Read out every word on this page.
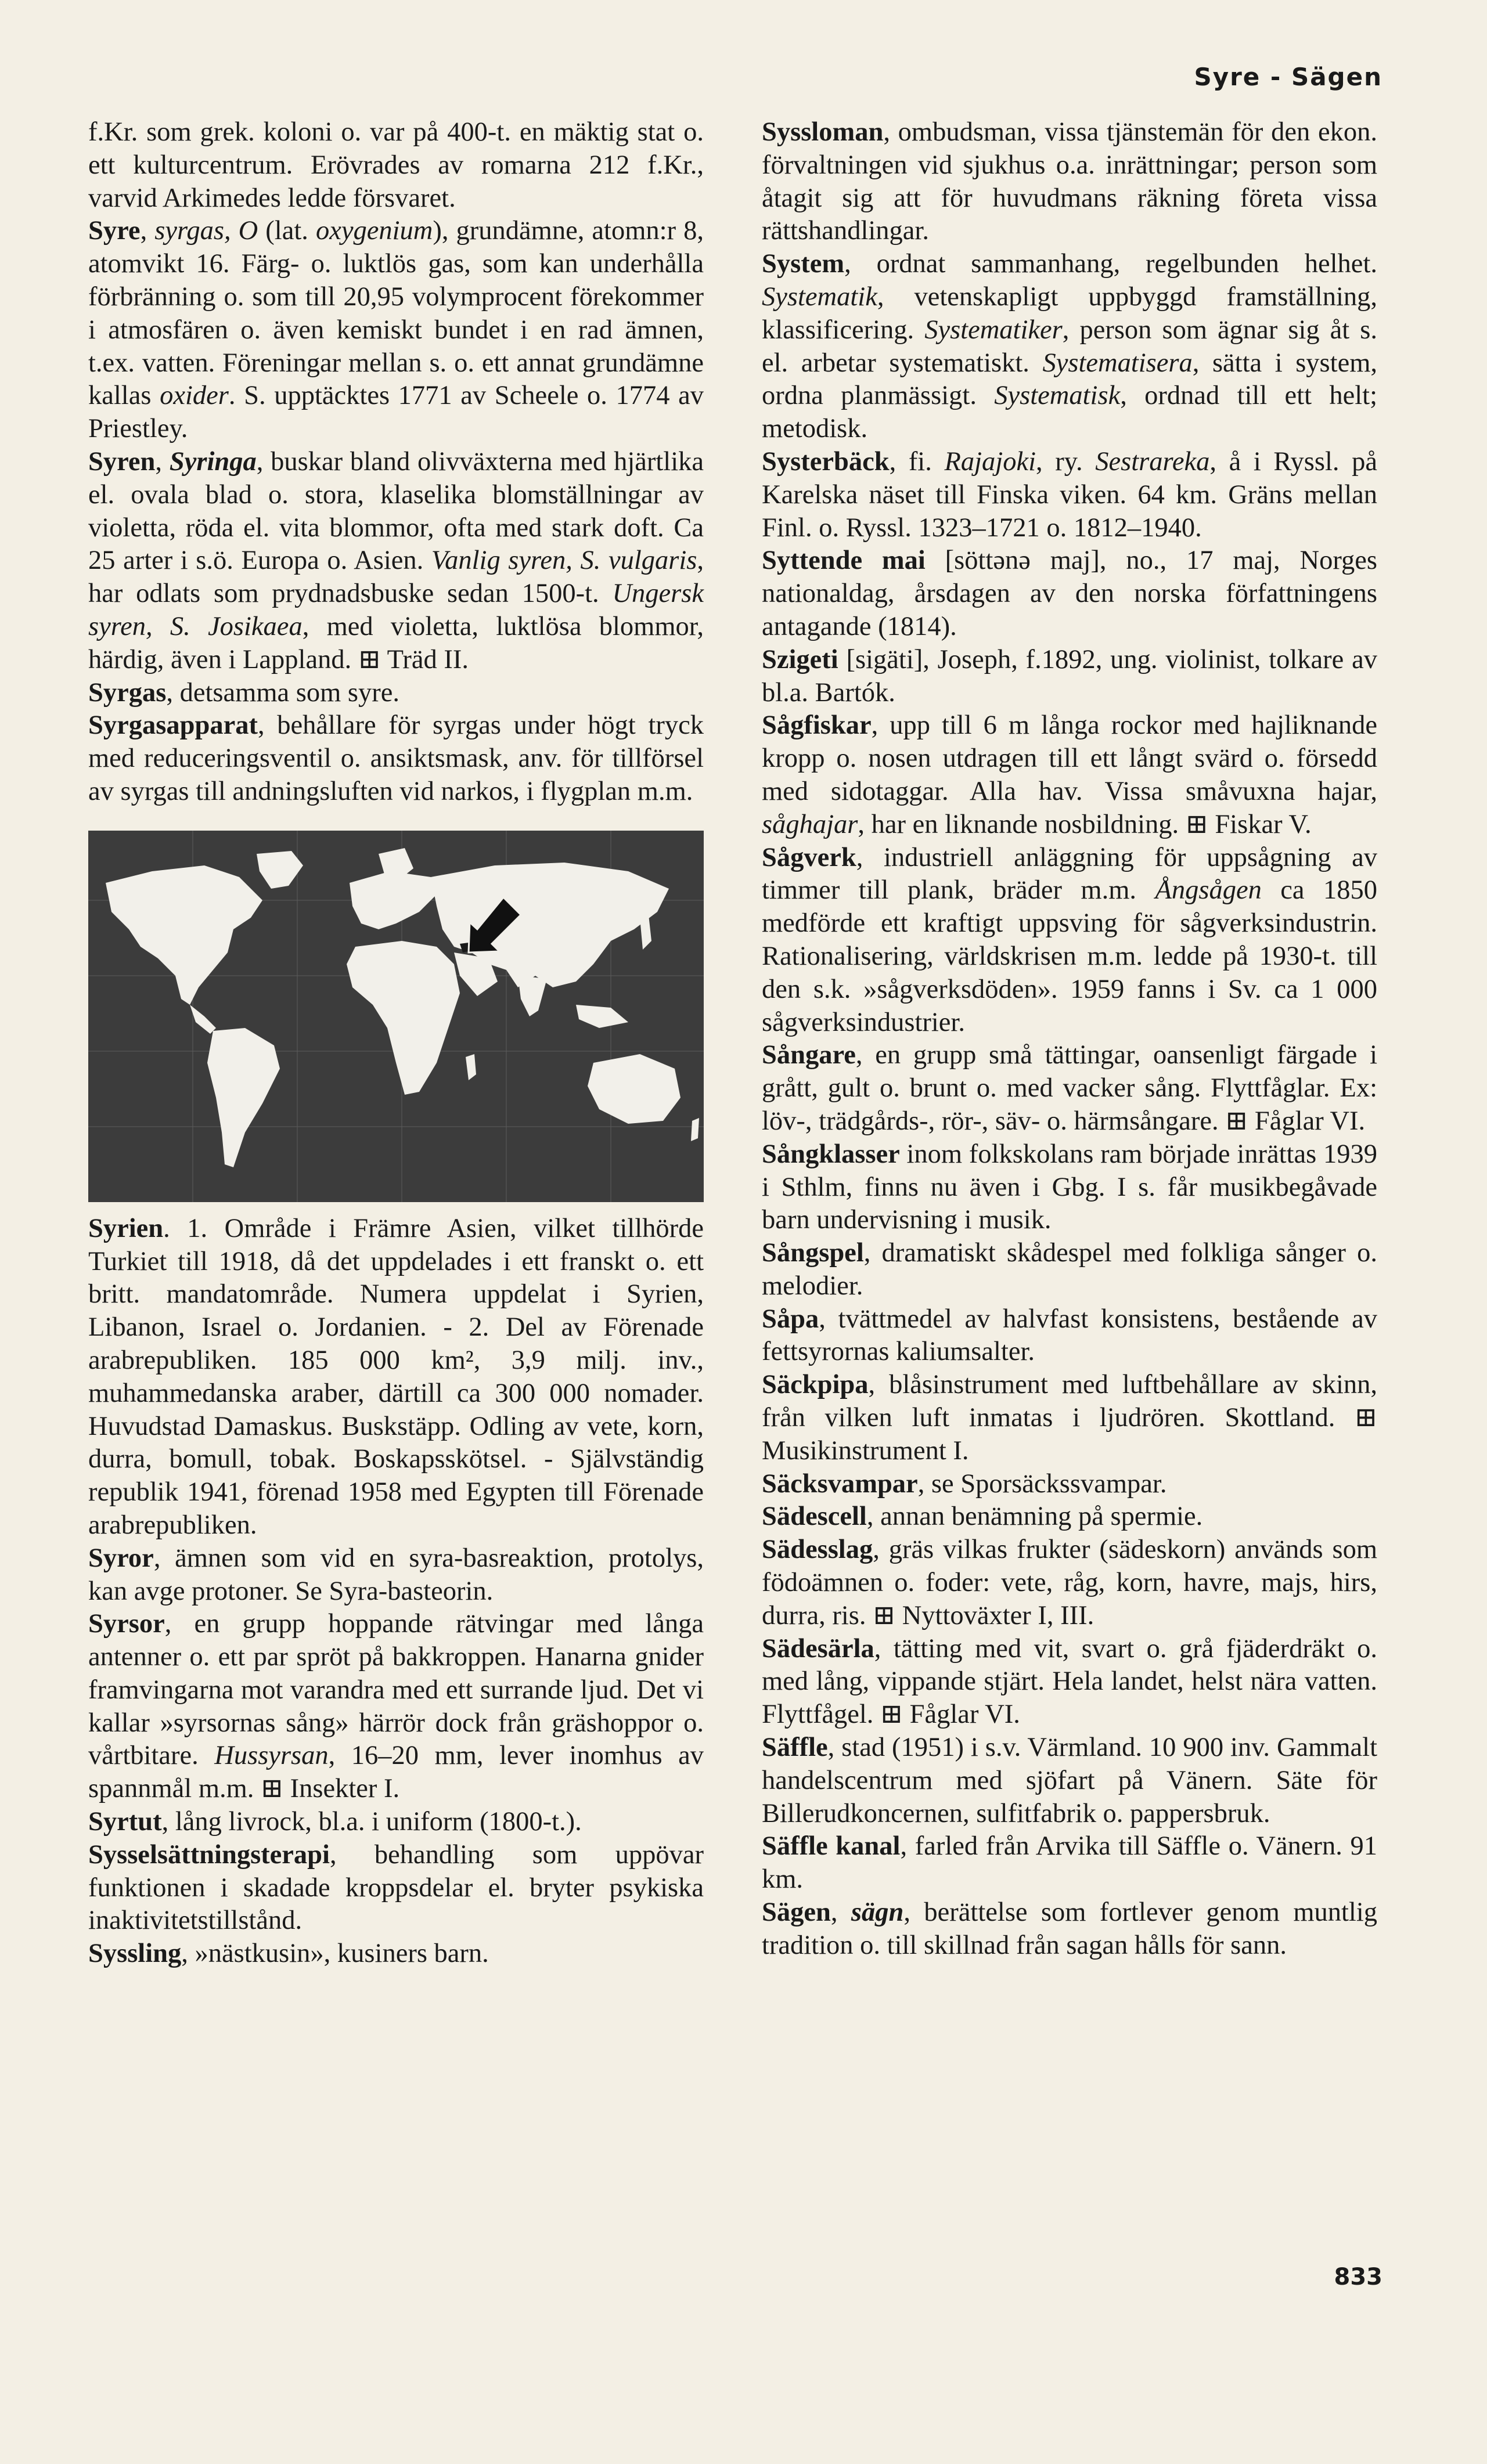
Syre - Sägen

f.Kr. som grek. koloni o. var på 400-t. en mäktig stat o. ett kulturcentrum. Erövrades av romarna 212 f.Kr., varvid Arkimedes ledde försvaret.

Syre, syrgas, O (lat. oxygenium), grundämne, atomn:r 8, atomvikt 16. Färg- o. luktlös gas, som kan underhålla förbränning o. som till 20,95 volymprocent förekommer i atmosfären o. även kemiskt bundet i en rad ämnen, t.ex. vatten. Föreningar mellan s. o. ett annat grundämne kallas oxider. S. upptäcktes 1771 av Scheele o. 1774 av Priestley.

Syren, Syringa, buskar bland olivväxterna med hjärtlika el. ovala blad o. stora, klaselika blomställningar av violetta, röda el. vita blommor, ofta med stark doft. Ca 25 arter i s.ö. Europa o. Asien. Vanlig syren, S. vulgaris, har odlats som prydnadsbuske sedan 1500-t. Ungersk syren, S. Josikaea, med violetta, luktlösa blommor, härdig, även i Lappland. ⊞ Träd II.

Syrgas, detsamma som syre.

Syrgasapparat, behållare för syrgas under högt tryck med reduceringsventil o. ansiktsmask, anv. för tillförsel av syrgas till andningsluften vid narkos, i flygplan m.m.

Syrien. 1. Område i Främre Asien, vilket tillhörde Turkiet till 1918, då det uppdelades i ett franskt o. ett britt. mandatområde. Numera uppdelat i Syrien, Libanon, Israel o. Jordanien. - 2. Del av Förenade arabrepubliken. 185 000 km², 3,9 milj. inv., muhammedanska araber, därtill ca 300 000 nomader. Huvudstad Damaskus. Buskstäpp. Odling av vete, korn, durra, bomull, tobak. Boskapsskötsel. - Självständig republik 1941, förenad 1958 med Egypten till Förenade arabrepubliken.

Syror, ämnen som vid en syra-basreaktion, protolys, kan avge protoner. Se Syra-basteorin.

Syrsor, en grupp hoppande rätvingar med långa antenner o. ett par spröt på bakkroppen. Hanarna gnider framvingarna mot varandra med ett surrande ljud. Det vi kallar »syrsornas sång» härrör dock från gräshoppor o. vårtbitare. Hussyrsan, 16–20 mm, lever inomhus av spannmål m.m. ⊞ Insekter I.

Syrtut, lång livrock, bl.a. i uniform (1800-t.).

Sysselsättningsterapi, behandling som uppövar funktionen i skadade kroppsdelar el. bryter psykiska inaktivitetstillstånd.

Syssling, »nästkusin», kusiners barn.

Syssloman, ombudsman, vissa tjänstemän för den ekon. förvaltningen vid sjukhus o.a. inrättningar; person som åtagit sig att för huvudmans räkning företa vissa rättshandlingar.

System, ordnat sammanhang, regelbunden helhet. Systematik, vetenskapligt uppbyggd framställning, klassificering. Systematiker, person som ägnar sig åt s. el. arbetar systematiskt. Systematisera, sätta i system, ordna planmässigt. Systematisk, ordnad till ett helt; metodisk.

Systerbäck, fi. Rajajoki, ry. Sestrareka, å i Ryssl. på Karelska näset till Finska viken. 64 km. Gräns mellan Finl. o. Ryssl. 1323–1721 o. 1812–1940.

Syttende mai [söttənə maj], no., 17 maj, Norges nationaldag, årsdagen av den norska författningens antagande (1814).

Szigeti [sigäti], Joseph, f.1892, ung. violinist, tolkare av bl.a. Bartók.

Sågfiskar, upp till 6 m långa rockor med hajliknande kropp o. nosen utdragen till ett långt svärd o. försedd med sidotaggar. Alla hav. Vissa småvuxna hajar, såghajar, har en liknande nosbildning. ⊞ Fiskar V.

Sågverk, industriell anläggning för uppsågning av timmer till plank, bräder m.m. Ångsågen ca 1850 medförde ett kraftigt uppsving för sågverksindustrin. Rationalisering, världskrisen m.m. ledde på 1930-t. till den s.k. »sågverksdöden». 1959 fanns i Sv. ca 1 000 sågverksindustrier.

Sångare, en grupp små tättingar, oansenligt färgade i grått, gult o. brunt o. med vacker sång. Flyttfåglar. Ex: löv-, trädgårds-, rör-, säv- o. härmsångare. ⊞ Fåglar VI.

Sångklasser inom folkskolans ram började inrättas 1939 i Sthlm, finns nu även i Gbg. I s. får musikbegåvade barn undervisning i musik.

Sångspel, dramatiskt skådespel med folkliga sånger o. melodier.

Såpa, tvättmedel av halvfast konsistens, bestående av fettsyrornas kaliumsalter.

Säckpipa, blåsinstrument med luftbehållare av skinn, från vilken luft inmatas i ljudrören. Skottland. ⊞ Musikinstrument I.

Säcksvampar, se Sporsäckssvampar.

Sädescell, annan benämning på spermie.

Sädesslag, gräs vilkas frukter (sädeskorn) används som födoämnen o. foder: vete, råg, korn, havre, majs, hirs, durra, ris. ⊞ Nyttoväxter I, III.

Sädesärla, tätting med vit, svart o. grå fjäderdräkt o. med lång, vippande stjärt. Hela landet, helst nära vatten. Flyttfågel. ⊞ Fåglar VI.

Säffle, stad (1951) i s.v. Värmland. 10 900 inv. Gammalt handelscentrum med sjöfart på Vänern. Säte för Billerudkoncernen, sulfitfabrik o. pappersbruk.

Säffle kanal, farled från Arvika till Säffle o. Vänern. 91 km.

Sägen, sägn, berättelse som fortlever genom muntlig tradition o. till skillnad från sagan hålls för sann.

833
